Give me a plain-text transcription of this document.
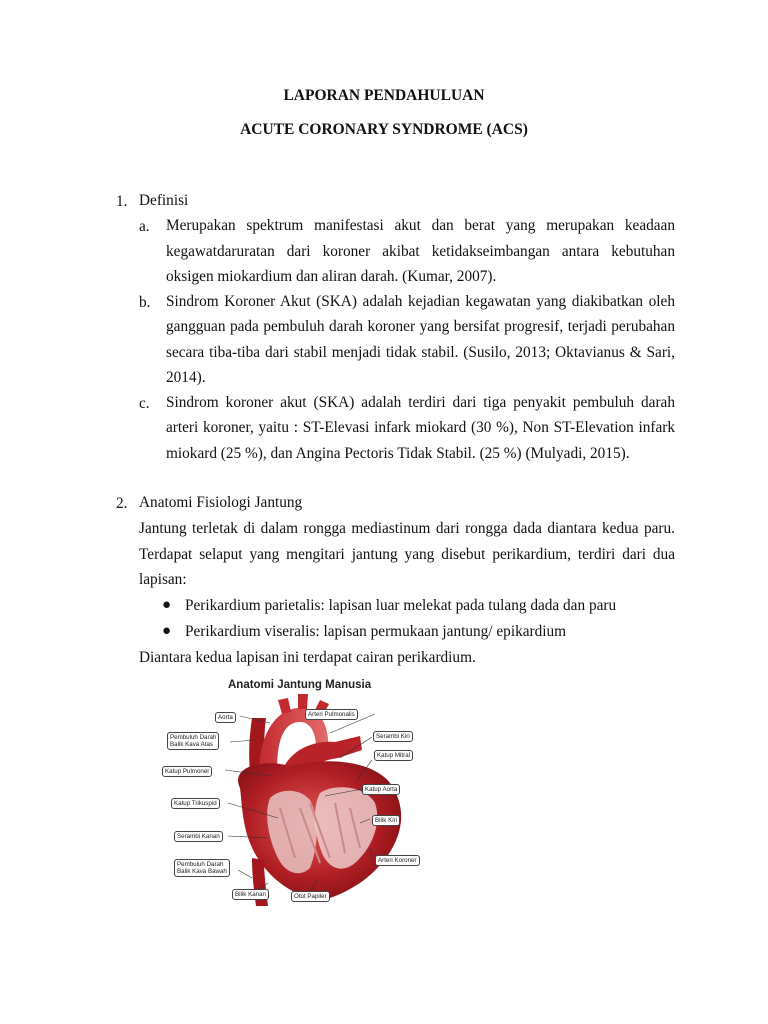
LAPORAN PENDAHULUAN
ACUTE CORONARY SYNDROME (ACS)
1. Definisi
a. Merupakan spektrum manifestasi akut dan berat yang merupakan keadaan
kegawatdaruratan dari koroner akibat ketidakseimbangan antara kebutuhan
oksigen miokardium dan aliran darah. (Kumar, 2007).
b. Sindrom Koroner Akut (SKA) adalah kejadian kegawatan yang diakibatkan oleh
gangguan pada pembuluh darah koroner yang bersifat progresif, terjadi perubahan
secara tiba-tiba dari stabil menjadi tidak stabil. (Susilo, 2013; Oktavianus & Sari,
2014).
c. Sindrom koroner akut (SKA) adalah terdiri dari tiga penyakit pembuluh darah
arteri koroner, yaitu : ST-Elevasi infark miokard (30 %), Non ST-Elevation infark
miokard (25 %), dan Angina Pectoris Tidak Stabil. (25 %) (Mulyadi, 2015).
2. Anatomi Fisiologi Jantung
Jantung terletak di dalam rongga mediastinum dari rongga dada diantara kedua paru.
Terdapat selaput yang mengitari jantung yang disebut perikardium, terdiri dari dua
lapisan:
● Perikardium parietalis: lapisan luar melekat pada tulang dada dan paru
● Perikardium viseralis: lapisan permukaan jantung/ epikardium
Diantara kedua lapisan ini terdapat cairan perikardium.
Anatomi Jantung Manusia
Aorta	Arteri Pulmonalis
Pembuluh Darah
Balik Kava Atas
Serambi Kiri
Katup Mitral
Katup Pulmoner
Katup Aorta
Katup Trikuspid
Bilik Kiri
Serambi Kanan
Arteri Koroner
Pembuluh Darah
Balik Kava Bawah
Bilik Kanan	Otot Papiler
